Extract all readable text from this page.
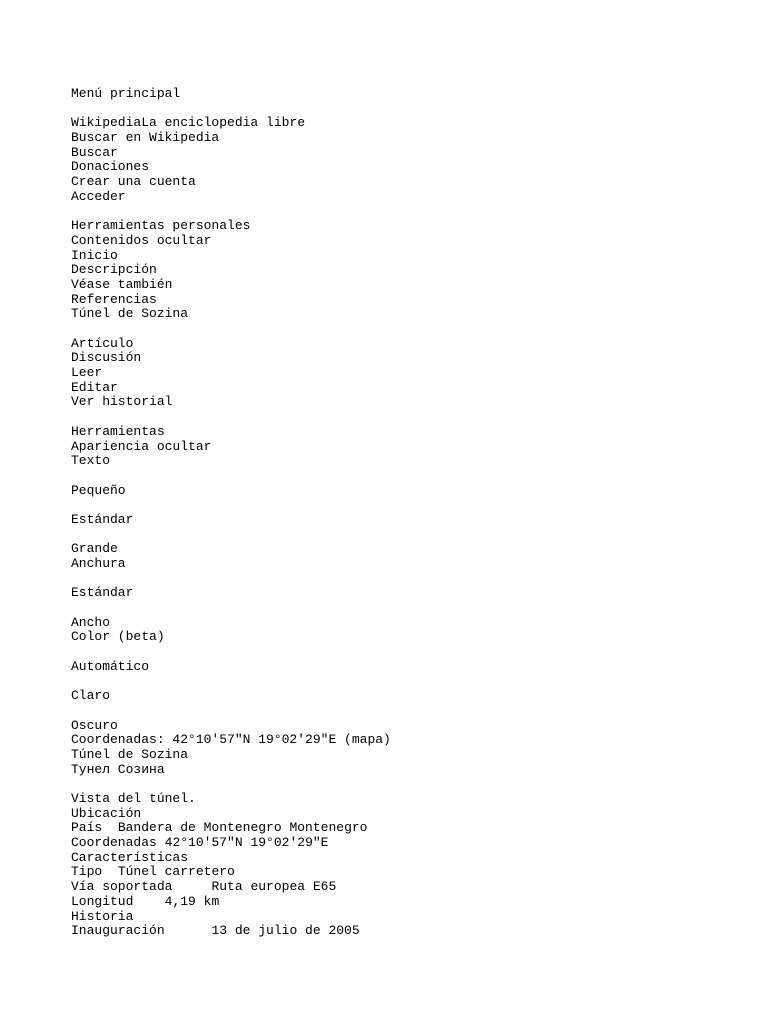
Menú principal
WikipediaLa enciclopedia libre
Buscar en Wikipedia
Buscar
Donaciones
Crear una cuenta
Acceder
Herramientas personales
Contenidos ocultar
Inicio
Descripción
Véase también
Referencias
Túnel de Sozina
Artículo
Discusión
Leer
Editar
Ver historial
Herramientas
Apariencia ocultar
Texto
Pequeño
Estándar
Grande
Anchura
Estándar
Ancho
Color (beta)
Automático
Claro
Oscuro
Coordenadas: 42°10′57″N 19°02′29″E (mapa)
Túnel de Sozina
Тунел Созина
Vista del túnel.
Ubicación
País Bandera de Montenegro Montenegro
Coordenadas 42°10′57″N 19°02′29″E
Características
Tipo Túnel carretero
Vía soportada	Ruta europea E65
Longitud 4,19 km
Historia
Inauguración	13 de julio de 2005
